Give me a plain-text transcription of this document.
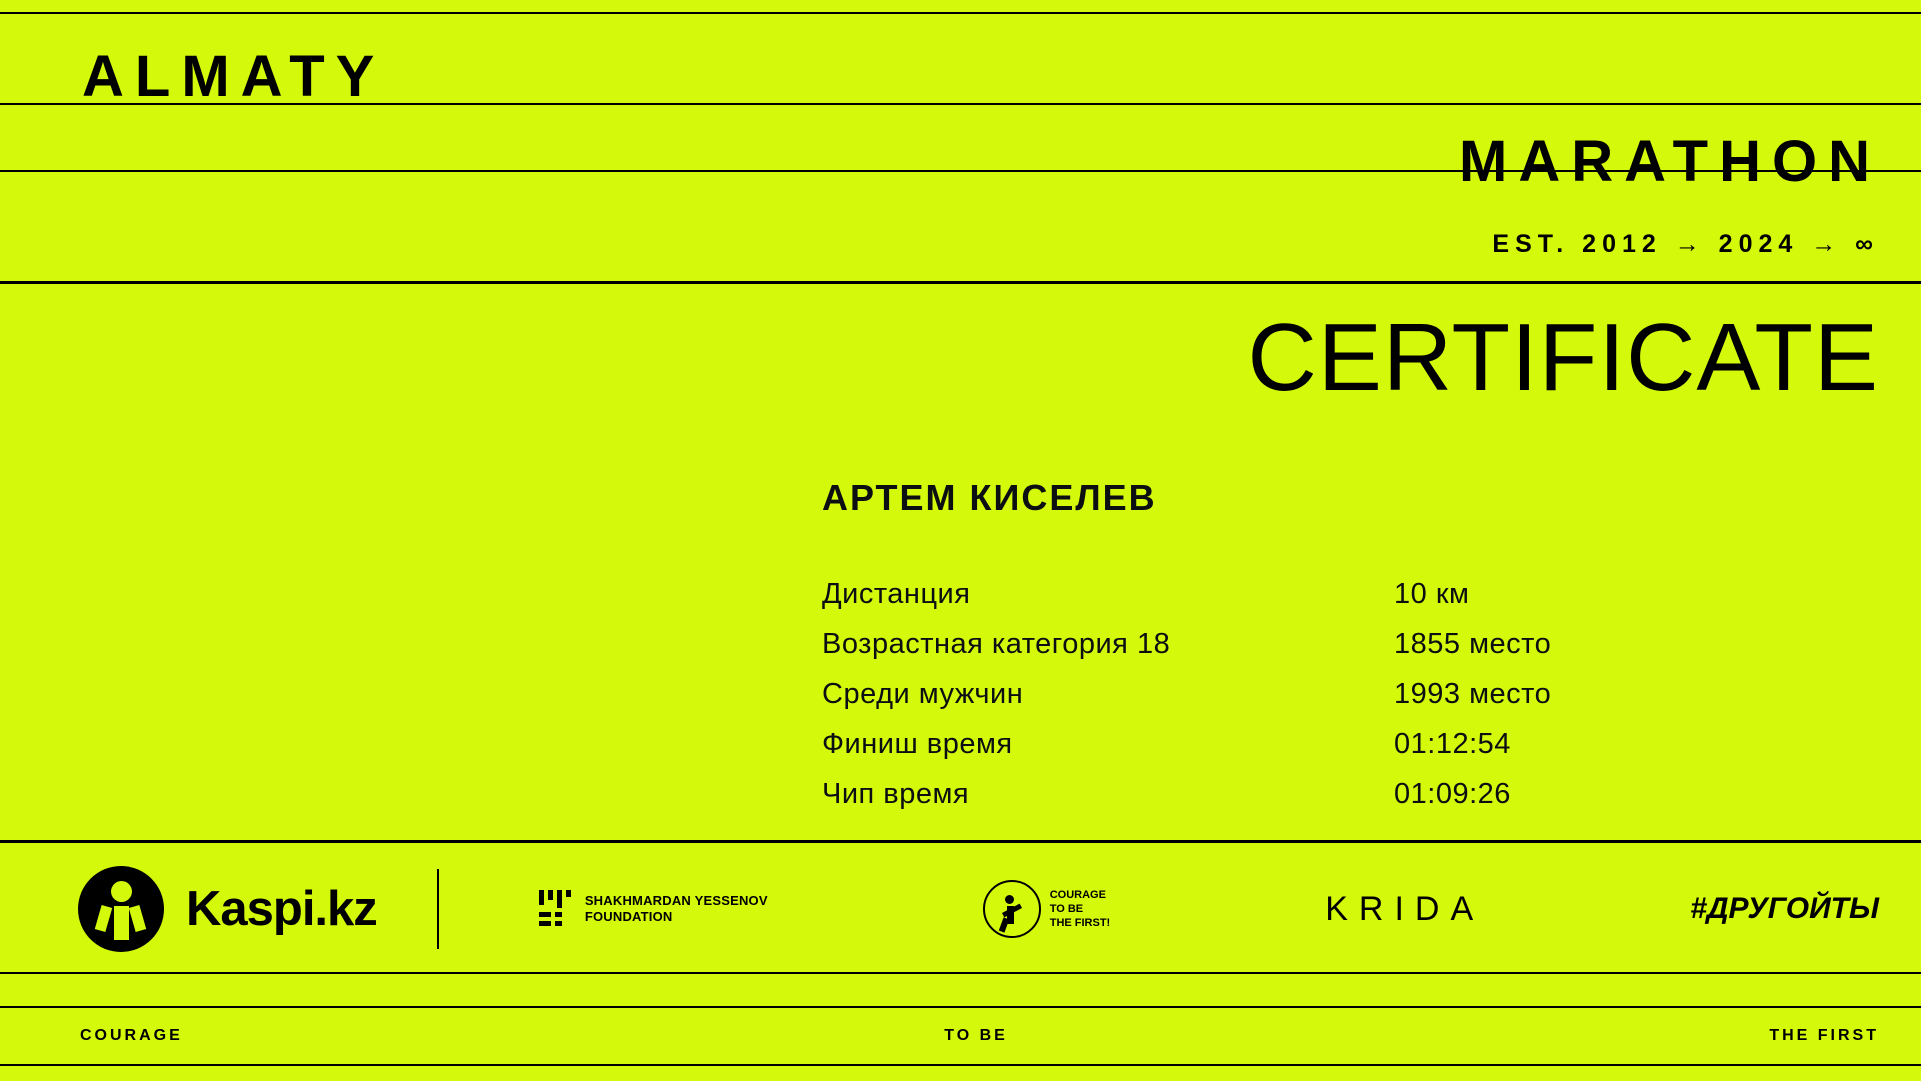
ALMATY
MARATHON
EST. 2012 → 2024 → ∞
CERTIFICATE
АРТЕМ КИСЕЛЕВ
Дистанция	10 км
Возрастная категория 18	1855 место
Среди мужчин	1993 место
Финиш время	01:12:54
Чип время	01:09:26
Kaspi.kz	SHAKHMARDAN YESSENOV
FOUNDATION
COURAGE
TO BE
THE FIRST!	KRIDA	#ДРУГОЙТЫ
COURAGE	TO BE	THE FIRST
